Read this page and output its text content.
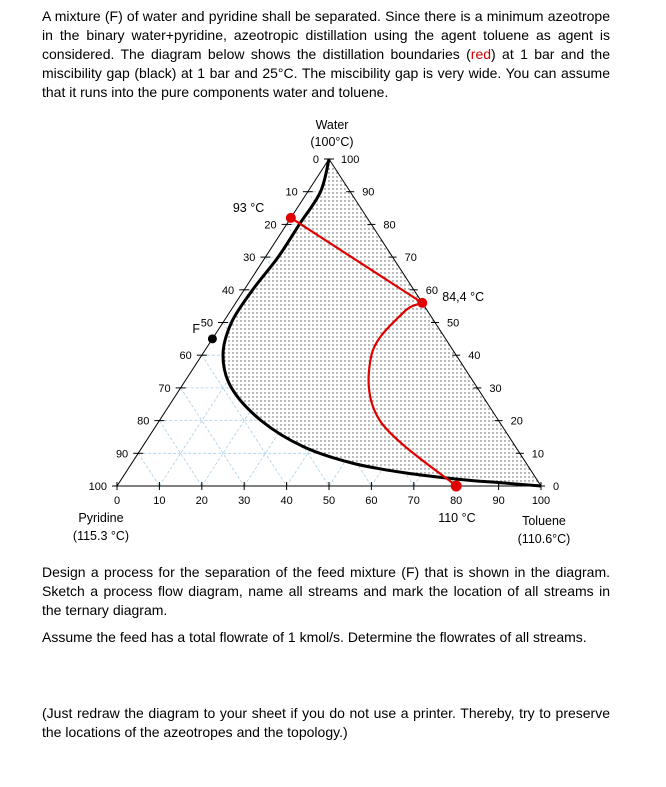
A mixture (F) of water and pyridine shall be separated. Since there is a minimum azeotrope in the binary water+pyridine, azeotropic distillation using the agent toluene as agent is considered. The diagram below shows the distillation boundaries (red) at 1 bar and the miscibility gap (black) at 1 bar and 25°C. The miscibility gap is very wide. You can assume that it runs into the pure components water and toluene.

100
90
80
70
60
50
40
30
20
10
0 100
90
80
70
60
50
40
30
20
10
0
0	10	20	30	40	50	60	70	80	90 100
93 °C
84,4 °C
110 °C
F
Water
(100°C)
Pyridine
(115.3 °C)
Toluene
(110.6°C)

Design a process for the separation of the feed mixture (F) that is shown in the diagram. Sketch a process flow diagram, name all streams and mark the location of all streams in the ternary diagram.

Assume the feed has a total flowrate of 1 kmol/s. Determine the flowrates of all streams.

(Just redraw the diagram to your sheet if you do not use a printer. Thereby, try to preserve the locations of the azeotropes and the topology.)
